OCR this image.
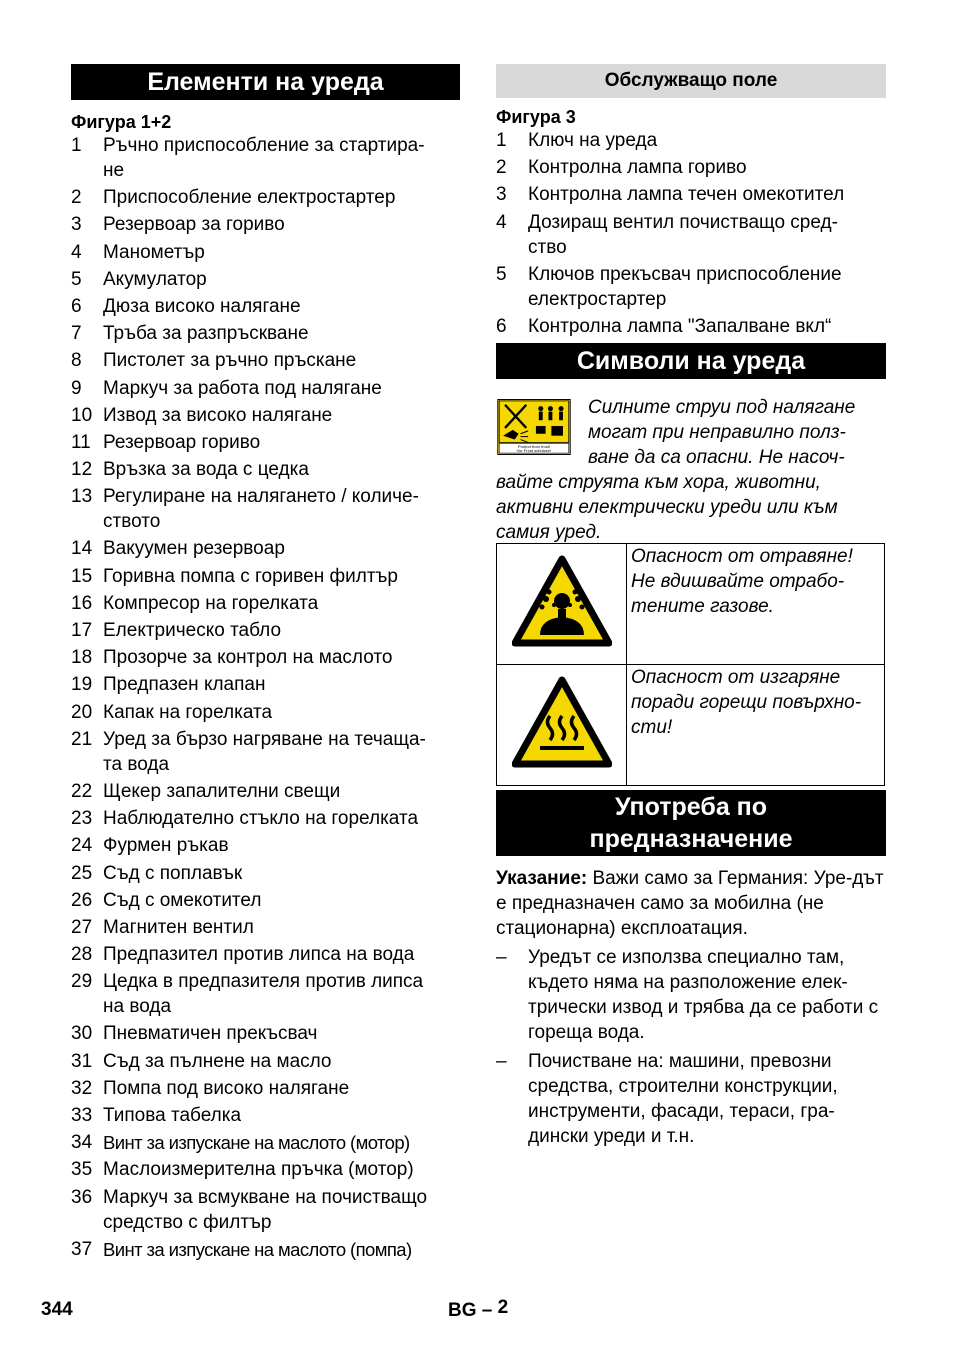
Елементи на уреда
Фигура 1+2
1	Ръчно приспособление за стартира-
не
2	Приспособление електростартер
3	Резервоар за гориво
4	Манометър
5	Акумулатор
6	Дюза високо налягане
7	Тръба за разпръскване
8	Пистолет за ръчно пръскане
9	Маркуч за работа под налягане
10 Извод за високо налягане
11 Резервоар гориво
12 Връзка за вода с цедка
13 Регулиране на налягането / количе-
ството
14 Вакуумен резервоар
15 Горивна помпа с горивен филтър
16 Компресор на горелката
17 Електрическо табло
18 Прозорче за контрол на маслото
19 Предпазен клапан
20 Капак на горелката
21 Уред за бързо нагряване на течаща-
та вода
22 Щекер запалителни свещи
23 Наблюдателно стъкло на горелката
24 Фурмен ръкав
25 Съд с поплавък
26 Съд с омекотител
27 Магнитен вентил
28 Предпазител против липса на вода
29 Цедка в предпазителя против липса
на вода
30 Пневматичен прекъсвач
31 Съд за пълнене на масло
32 Помпа под високо налягане
33 Типова табелка
34 Винт за изпускане на маслото (мотор)
35 Маслоизмерителна пръчка (мотор)
36 Маркуч за всмукване на почистващо
средство с филтър
37 Винт за изпускане на маслото (помпа)
Обслужващо поле
Фигура 3
1	Ключ на уреда
2	Контролна лампа гориво
3	Контролна лампа течен омекотител
4	Дозиращ вентил почистващо сред-
ство
5	Ключов прекъсвач приспособление
електростартер
6	Контролна лампа "Запалване вкл“
Символи на уреда
Protect from frost!
Vor Frost schützen!

Силните струи под налягане могат при неправилно полз-ване да са опасни. Не насоч-вайте струята към хора, животни, активни електрически уреди или към самия уред.

	Опасност от отравяне! Не вдишвайте отрабо-тените газове.
	Опасност от изгаряне поради горещи повърхно-сти!
Употреба по предназначение
Указание: Важи само за Германия: Уре-дът е предназначен само за мобилна (не стационарна) експлоатация.
–	Уредът се използва специално там, където няма на разположение елек-трически извод и трябва да се работи с гореща вода.
–	Почистване на: машини, превозни средства, строителни конструкции, инструменти, фасади, тераси, гра-дински уреди и т.н.
344	BG – 2
